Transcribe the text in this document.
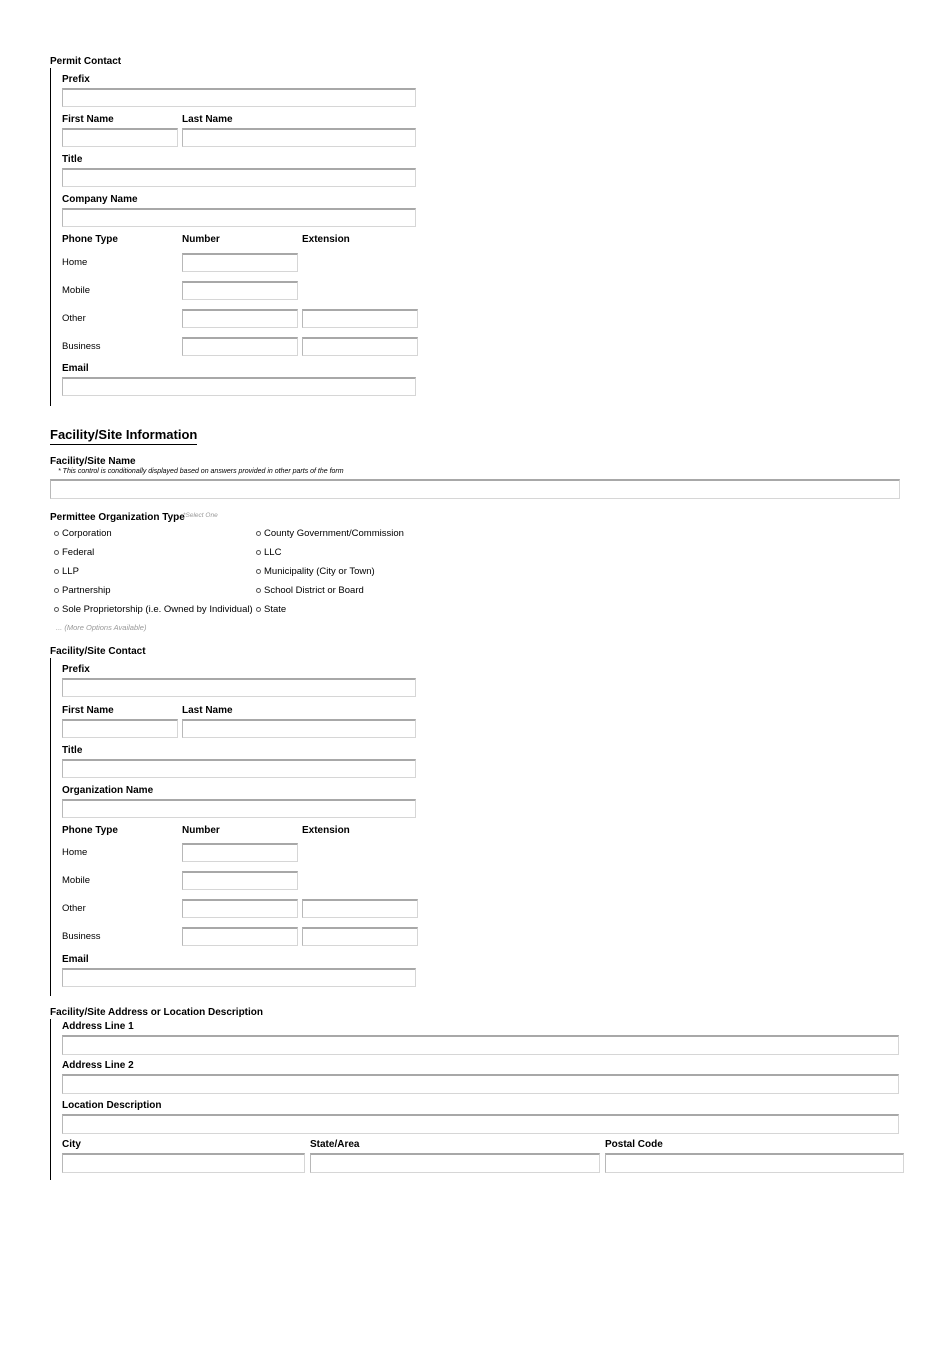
Permit Contact
Prefix
First Name	Last Name
Title
Company Name
Phone Type	Number	Extension
Home
Mobile
Other
Business
Email
Facility/Site Information
Facility/Site Name
* This control is conditionally displayed based on answers provided in other parts of the form
Permittee Organization Type
*Select One
Corporation
Federal
LLP
Partnership
Sole Proprietorship (i.e. Owned by Individual)
County Government/Commission
LLC
Municipality (City or Town)
School District or Board
State
... (More Options Available)
Facility/Site Contact
Prefix
First Name	Last Name
Title
Organization Name
Phone Type	Number	Extension
Home
Mobile
Other
Business
Email
Facility/Site Address or Location Description
Address Line 1
Address Line 2
Location Description
City	State/Area	Postal Code
